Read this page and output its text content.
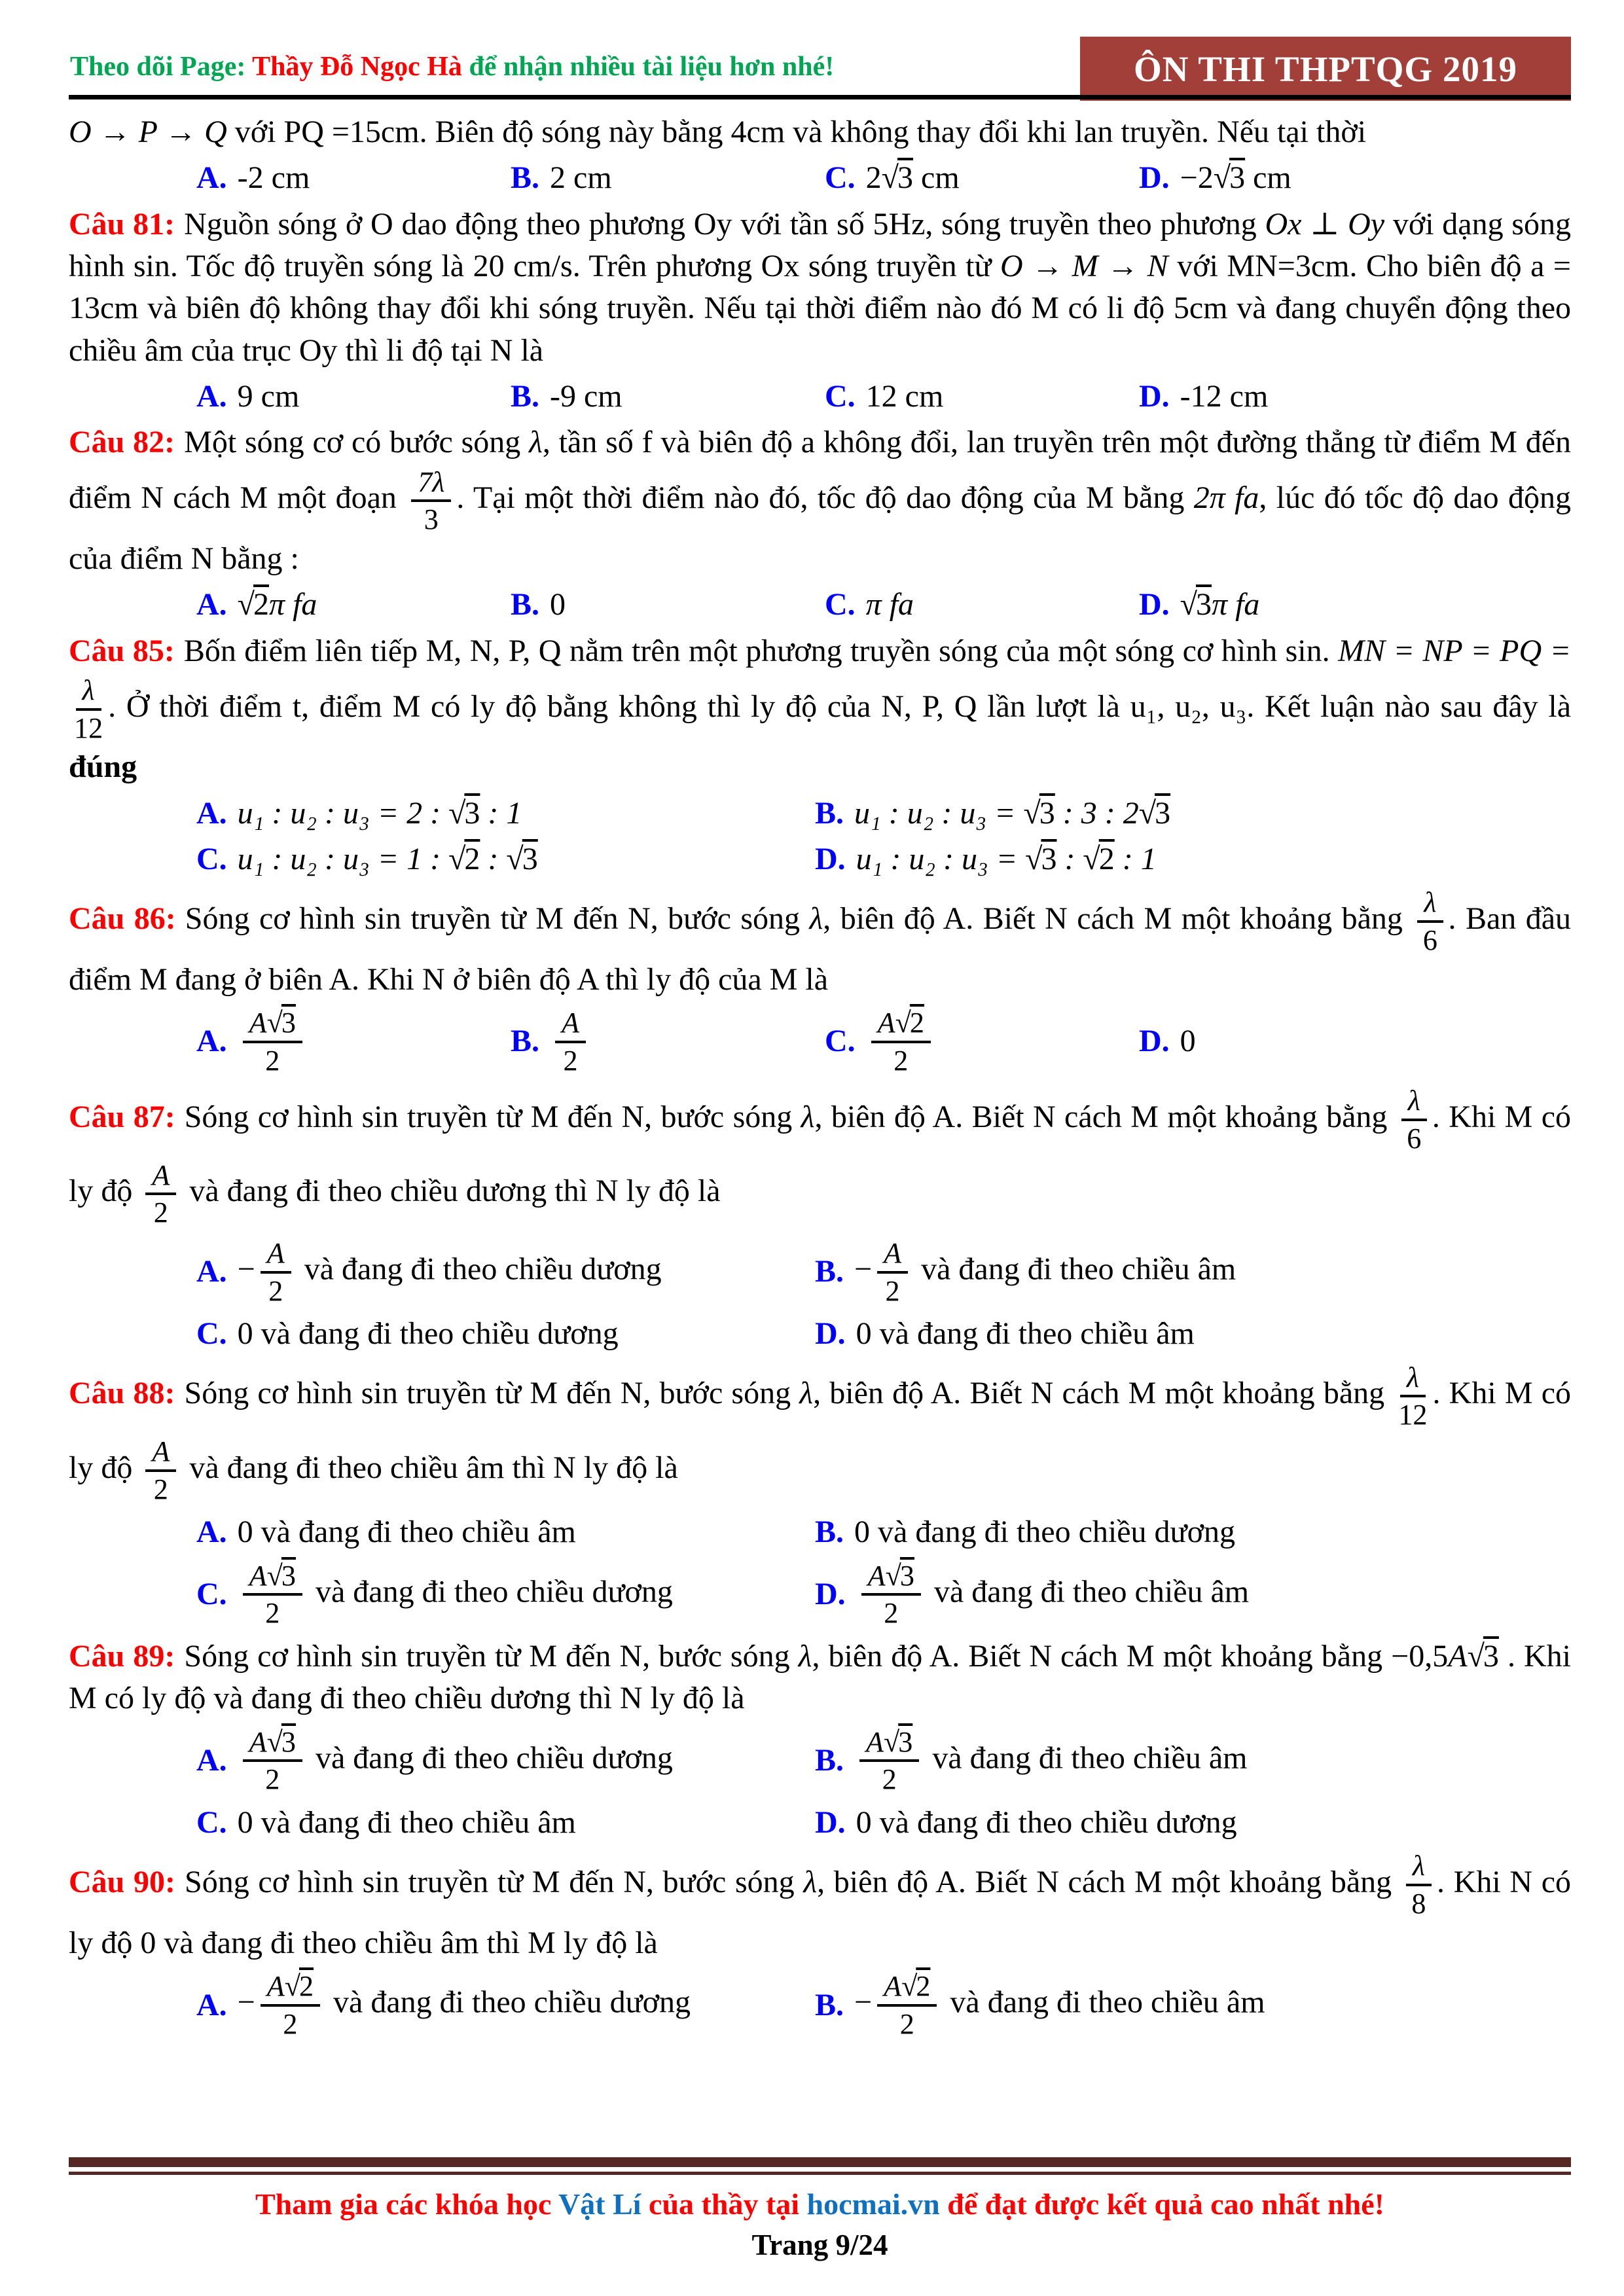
Theo dõi Page: Thầy Đỗ Ngọc Hà để nhận nhiều tài liệu hơn nhé!	ÔN THI THPTQG 2019

O → P → Q với PQ =15cm. Biên độ sóng này bằng 4cm và không thay đổi khi lan truyền. Nếu tại thời

A. -2 cm	B. 2 cm	C. 2√3 cm	D. −2√3 cm

Câu 81: Nguồn sóng ở O dao động theo phương Oy với tần số 5Hz, sóng truyền theo phương Ox ⊥ Oy với dạng sóng hình sin. Tốc độ truyền sóng là 20 cm/s. Trên phương Ox sóng truyền từ O → M → N với MN=3cm. Cho biên độ a = 13cm và biên độ không thay đổi khi sóng truyền. Nếu tại thời điểm nào đó M có li độ 5cm và đang chuyển động theo chiều âm của trục Oy thì li độ tại N là

A. 9 cm	B. -9 cm	C. 12 cm	D. -12 cm

Câu 82: Một sóng cơ có bước sóng λ, tần số f và biên độ a không đổi, lan truyền trên một đường thẳng từ điểm M đến điểm N cách M một đoạn $\frac{7\lambda}{3}$ . Tại một thời điểm nào đó, tốc độ dao động của M bằng 2π fa, lúc đó tốc độ dao động của điểm N bằng :

A. √2π fa	B. 0	C. π fa	D. √3π fa

Câu 85: Bốn điểm liên tiếp M, N, P, Q nằm trên một phương truyền sóng của một sóng cơ hình sin. MN = NP = PQ =
$\frac{\lambda}{12}$ . Ở thời điểm t, điểm M có ly độ bằng không thì ly độ của N, P, Q lần lượt là u₁, u₂, u₃. Kết luận nào sau đây là đúng

A. u₁ : u₂ : u₃ = 2 : √3 : 1	B. u₁ : u₂ : u₃ = √3 : 3 : 2√3
C. u₁ : u₂ : u₃ = 1 : √2 : √3	D. u₁ : u₂ : u₃ = √3 : √2 : 1

Câu 86: Sóng cơ hình sin truyền từ M đến N, bước sóng λ, biên độ A. Biết N cách M một khoảng bằng $\frac{\lambda}{6}$ . Ban đầu điểm M đang ở biên A. Khi N ở biên độ A thì ly độ của M là

A. $\frac{A√3}{2}$	B. $\frac{A}{2}$	C. $\frac{A√2}{2}$	D. 0

Câu 87: Sóng cơ hình sin truyền từ M đến N, bước sóng λ, biên độ A. Biết N cách M một khoảng bằng $\frac{\lambda}{6}$ . Khi M có ly độ $\frac{A}{2}$ và đang đi theo chiều dương thì N ly độ là

A. − $\frac{A}{2}$ và đang đi theo chiều dương	B. − $\frac{A}{2}$ và đang đi theo chiều âm
C. 0 và đang đi theo chiều dương	D. 0 và đang đi theo chiều âm

Câu 88: Sóng cơ hình sin truyền từ M đến N, bước sóng λ, biên độ A. Biết N cách M một khoảng bằng $\frac{\lambda}{12}$ . Khi M có ly độ $\frac{A}{2}$ và đang đi theo chiều âm thì N ly độ là

A. 0 và đang đi theo chiều âm	B. 0 và đang đi theo chiều dương
C. $\frac{A√3}{2}$ và đang đi theo chiều dương	D. $\frac{A√3}{2}$ và đang đi theo chiều âm

Câu 89: Sóng cơ hình sin truyền từ M đến N, bước sóng λ, biên độ A. Biết N cách M một khoảng bằng −0,5A√3 . Khi M có ly độ và đang đi theo chiều dương thì N ly độ là

A. $\frac{A√3}{2}$ và đang đi theo chiều dương	B. $\frac{A√3}{2}$ và đang đi theo chiều âm
C. 0 và đang đi theo chiều âm	D. 0 và đang đi theo chiều dương

Câu 90: Sóng cơ hình sin truyền từ M đến N, bước sóng λ, biên độ A. Biết N cách M một khoảng bằng $\frac{\lambda}{8}$ . Khi N có ly độ 0 và đang đi theo chiều âm thì M ly độ là

A. − $\frac{A√2}{2}$ và đang đi theo chiều dương	B. − $\frac{A√2}{2}$ và đang đi theo chiều âm
Tham gia các khóa học Vật Lí của thầy tại hocmai.vn để đạt được kết quả cao nhất nhé!
Trang 9/24
